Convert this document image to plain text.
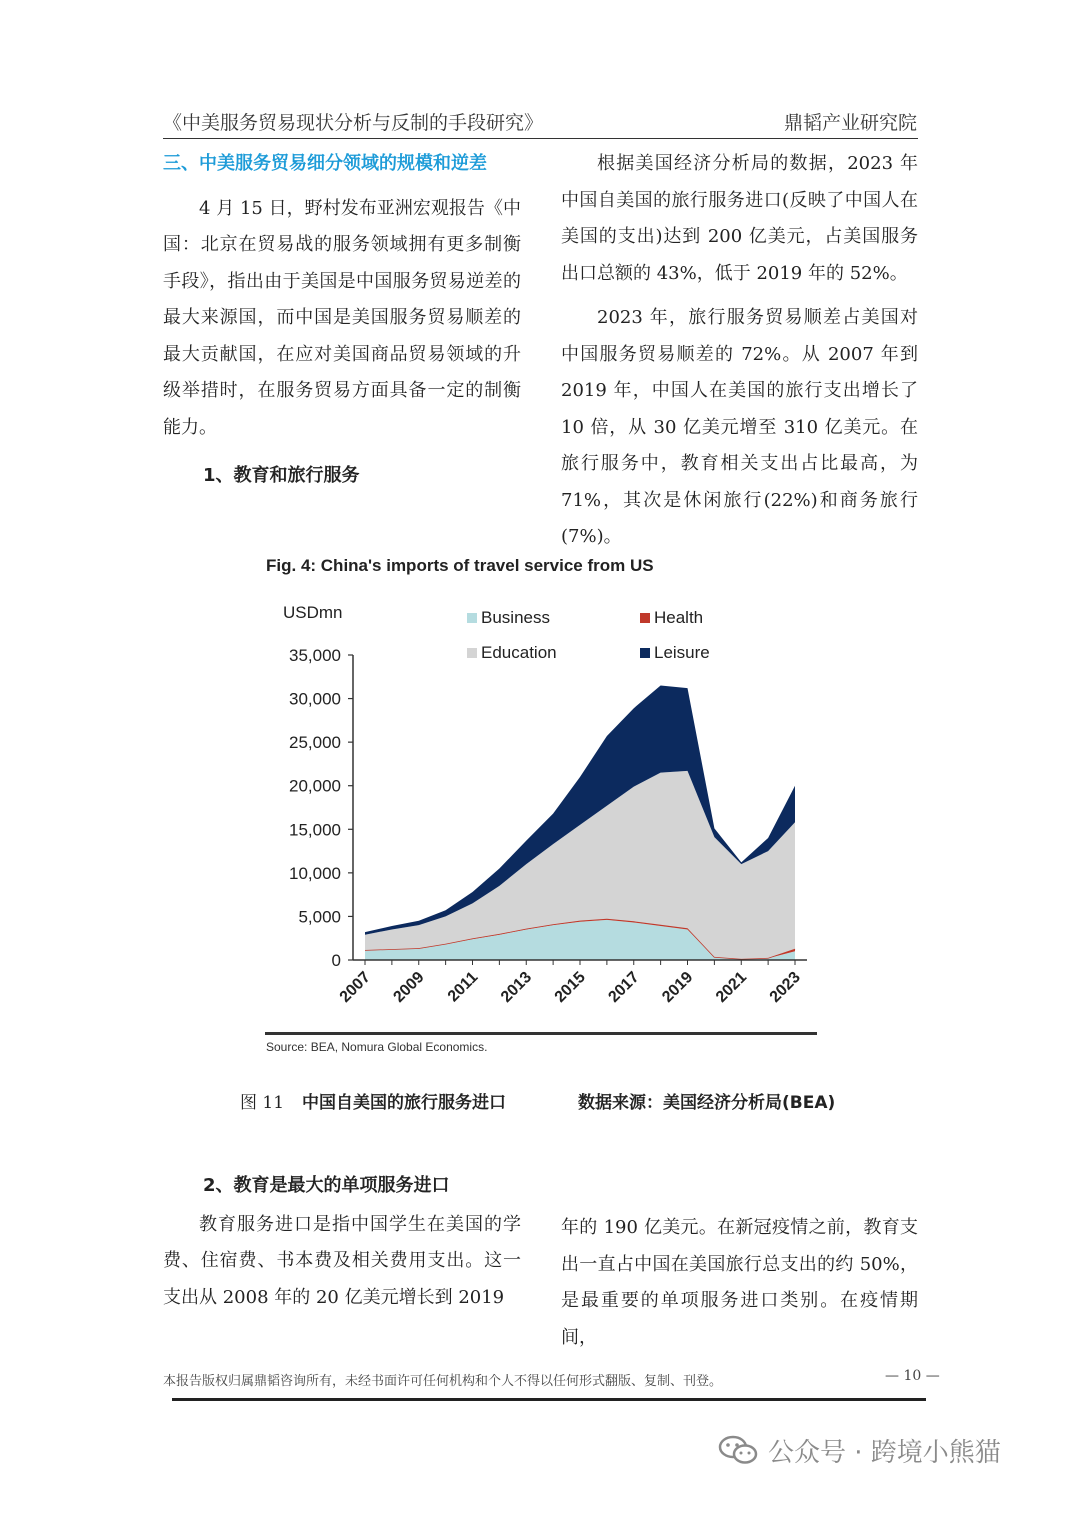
《中美服务贸易现状分析与反制的手段研究》	鼎韬产业研究院
三、中美服务贸易细分领域的规模和逆差

4 月 15 日，野村发布亚洲宏观报告《中国：北京在贸易战的服务领域拥有更多制衡手段》，指出由于美国是中国服务贸易逆差的最大来源国，而中国是美国服务贸易顺差的最大贡献国，在应对美国商品贸易领域的升级举措时，在服务贸易方面具备一定的制衡能力。

1、教育和旅行服务

根据美国经济分析局的数据，2023 年中国自美国的旅行服务进口(反映了中国人在美国的支出)达到 200 亿美元，占美国服务出口总额的 43%，低于 2019 年的 52%。

2023 年，旅行服务贸易顺差占美国对中国服务贸易顺差的 72%。从 2007 年到 2019 年，中国人在美国的旅行支出增长了 10 倍，从 30 亿美元增至 310 亿美元。在旅行服务中，教育相关支出占比最高，为 71%，其次是休闲旅行(22%)和商务旅行(7%)。

Fig. 4: China's imports of travel service from US
0
5,000
10,000
15,000
20,000
25,000
30,000
35,000
USDmn
2007 2009 2011 2013 2015 2017 2019 2021 2023
Business	Health
Education	Leisure
Source: BEA, Nomura Global Economics.
图 11 中国自美国的旅行服务进口	数据来源：美国经济分析局(BEA)
2、教育是最大的单项服务进口

教育服务进口是指中国学生在美国的学费、住宿费、书本费及相关费用支出。这一支出从 2008 年的 20 亿美元增长到 2019

年的 190 亿美元。在新冠疫情之前，教育支出一直占中国在美国旅行总支出的约 50%，是最重要的单项服务进口类别。在疫情期间，

本报告版权归属鼎韬咨询所有，未经书面许可任何机构和个人不得以任何形式翻版、复制、刊登。	— 10 —
公众号 · 跨境小熊猫
